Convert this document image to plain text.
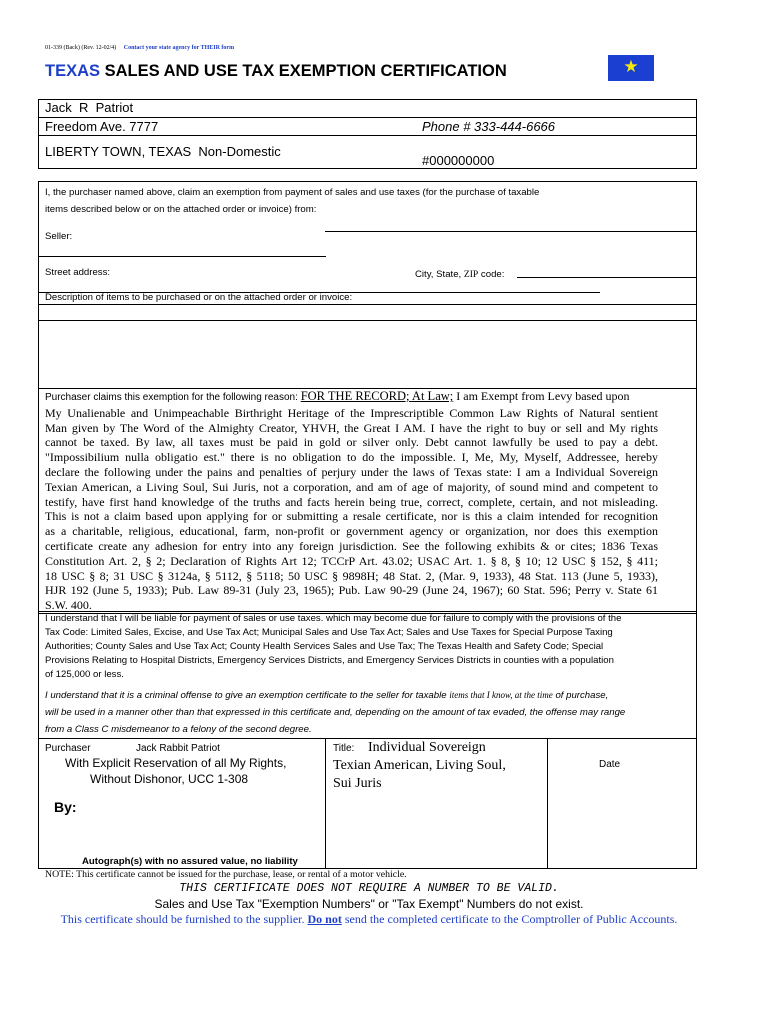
01-339 (Back) (Rev. 12-02/4) Contact your state agency for THEIR form
TEXAS SALES AND USE TAX EXEMPTION CERTIFICATION	★
Jack  R  Patriot
Freedom Ave. 7777	Phone # 333-444-6666
LIBERTY TOWN, TEXAS  Non-Domestic
#000000000
I, the purchaser named above, claim an exemption from payment of sales and use taxes (for the purchase of taxable
items described below or on the attached order or invoice) from:
Seller:
Street address:	City, State, ZIP code:
Description of items to be purchased or on the attached order or invoice:
Purchaser claims this exemption for the following reason: FOR THE RECORD; At Law; I am Exempt from Levy based upon
My Unalienable and Unimpeachable Birthright Heritage of the Imprescriptible Common Law Rights of Natural sentient
Man given by The Word of the Almighty Creator, YHVH, the Great I AM. I have the right to buy or sell and My rights
cannot be taxed. By law, all taxes must be paid in gold or silver only. Debt cannot lawfully be used to pay a debt.
"Impossibilium nulla obligatio est." there is no obligation to do the impossible. I, Me, My, Myself, Addressee, hereby
declare the following under the pains and penalties of perjury under the laws of Texas state: I am a Individual Sovereign
Texian American, a Living Soul, Sui Juris, not a corporation, and am of age of majority, of sound mind and competent to
testify, have first hand knowledge of the truths and facts herein being true, correct, complete, certain, and not misleading.
This is not a claim based upon applying for or submitting a resale certificate, nor is this a claim intended for recognition
as a charitable, religious, educational, farm, non-profit or government agency or organization, nor does this exemption
certificate create any adhesion for entry into any foreign jurisdiction. See the following exhibits & or cites; 1836 Texas
Constitution Art. 2, § 2; Declaration of Rights Art 12; TCCrP Art. 43.02; USAC Art. 1. § 8, § 10; 12 USC § 152, § 411;
18 USC § 8; 31 USC § 3124a, § 5112, § 5118; 50 USC § 9898H; 48 Stat. 2, (Mar. 9, 1933), 48 Stat. 113 (June 5, 1933),
HJR 192 (June 5, 1933); Pub. Law 89-31 (July 23, 1965); Pub. Law 90-29 (June 24, 1967); 60 Stat. 596; Perry v. State 61
S.W. 400.
I understand that I will be liable for payment of sales or use taxes. which may become due for failure to comply with the provisions of the
Tax Code: Limited Sales, Excise, and Use Tax Act; Municipal Sales and Use Tax Act; Sales and Use Taxes for Special Purpose Taxing
Authorities; County Sales and Use Tax Act; County Health Services Sales and Use Tax; The Texas Health and Safety Code; Special
Provisions Relating to Hospital Districts, Emergency Services Districts, and Emergency Services Districts in counties with a population
of 125,000 or less.
I understand that it is a criminal offense to give an exemption certificate to the seller for taxable items that I know, at the time of purchase,
will be used in a manner other than that expressed in this certificate and, depending on the amount of tax evaded, the offense may range
from a Class C misdemeanor to a felony of the second degree.
Purchaser	Jack Rabbit Patriot
With Explicit Reservation of all My Rights,
Without Dishonor, UCC 1-308
By:
Autograph(s) with no assured value, no liability
Title: Individual Sovereign
Texian American, Living Soul,
Sui Juris
Date
NOTE: This certificate cannot be issued for the purchase, lease, or rental of a motor vehicle.
THIS CERTIFICATE DOES NOT REQUIRE A NUMBER TO BE VALID.
Sales and Use Tax "Exemption Numbers" or "Tax Exempt" Numbers do not exist.
This certificate should be furnished to the supplier. Do not send the completed certificate to the Comptroller of Public Accounts.
